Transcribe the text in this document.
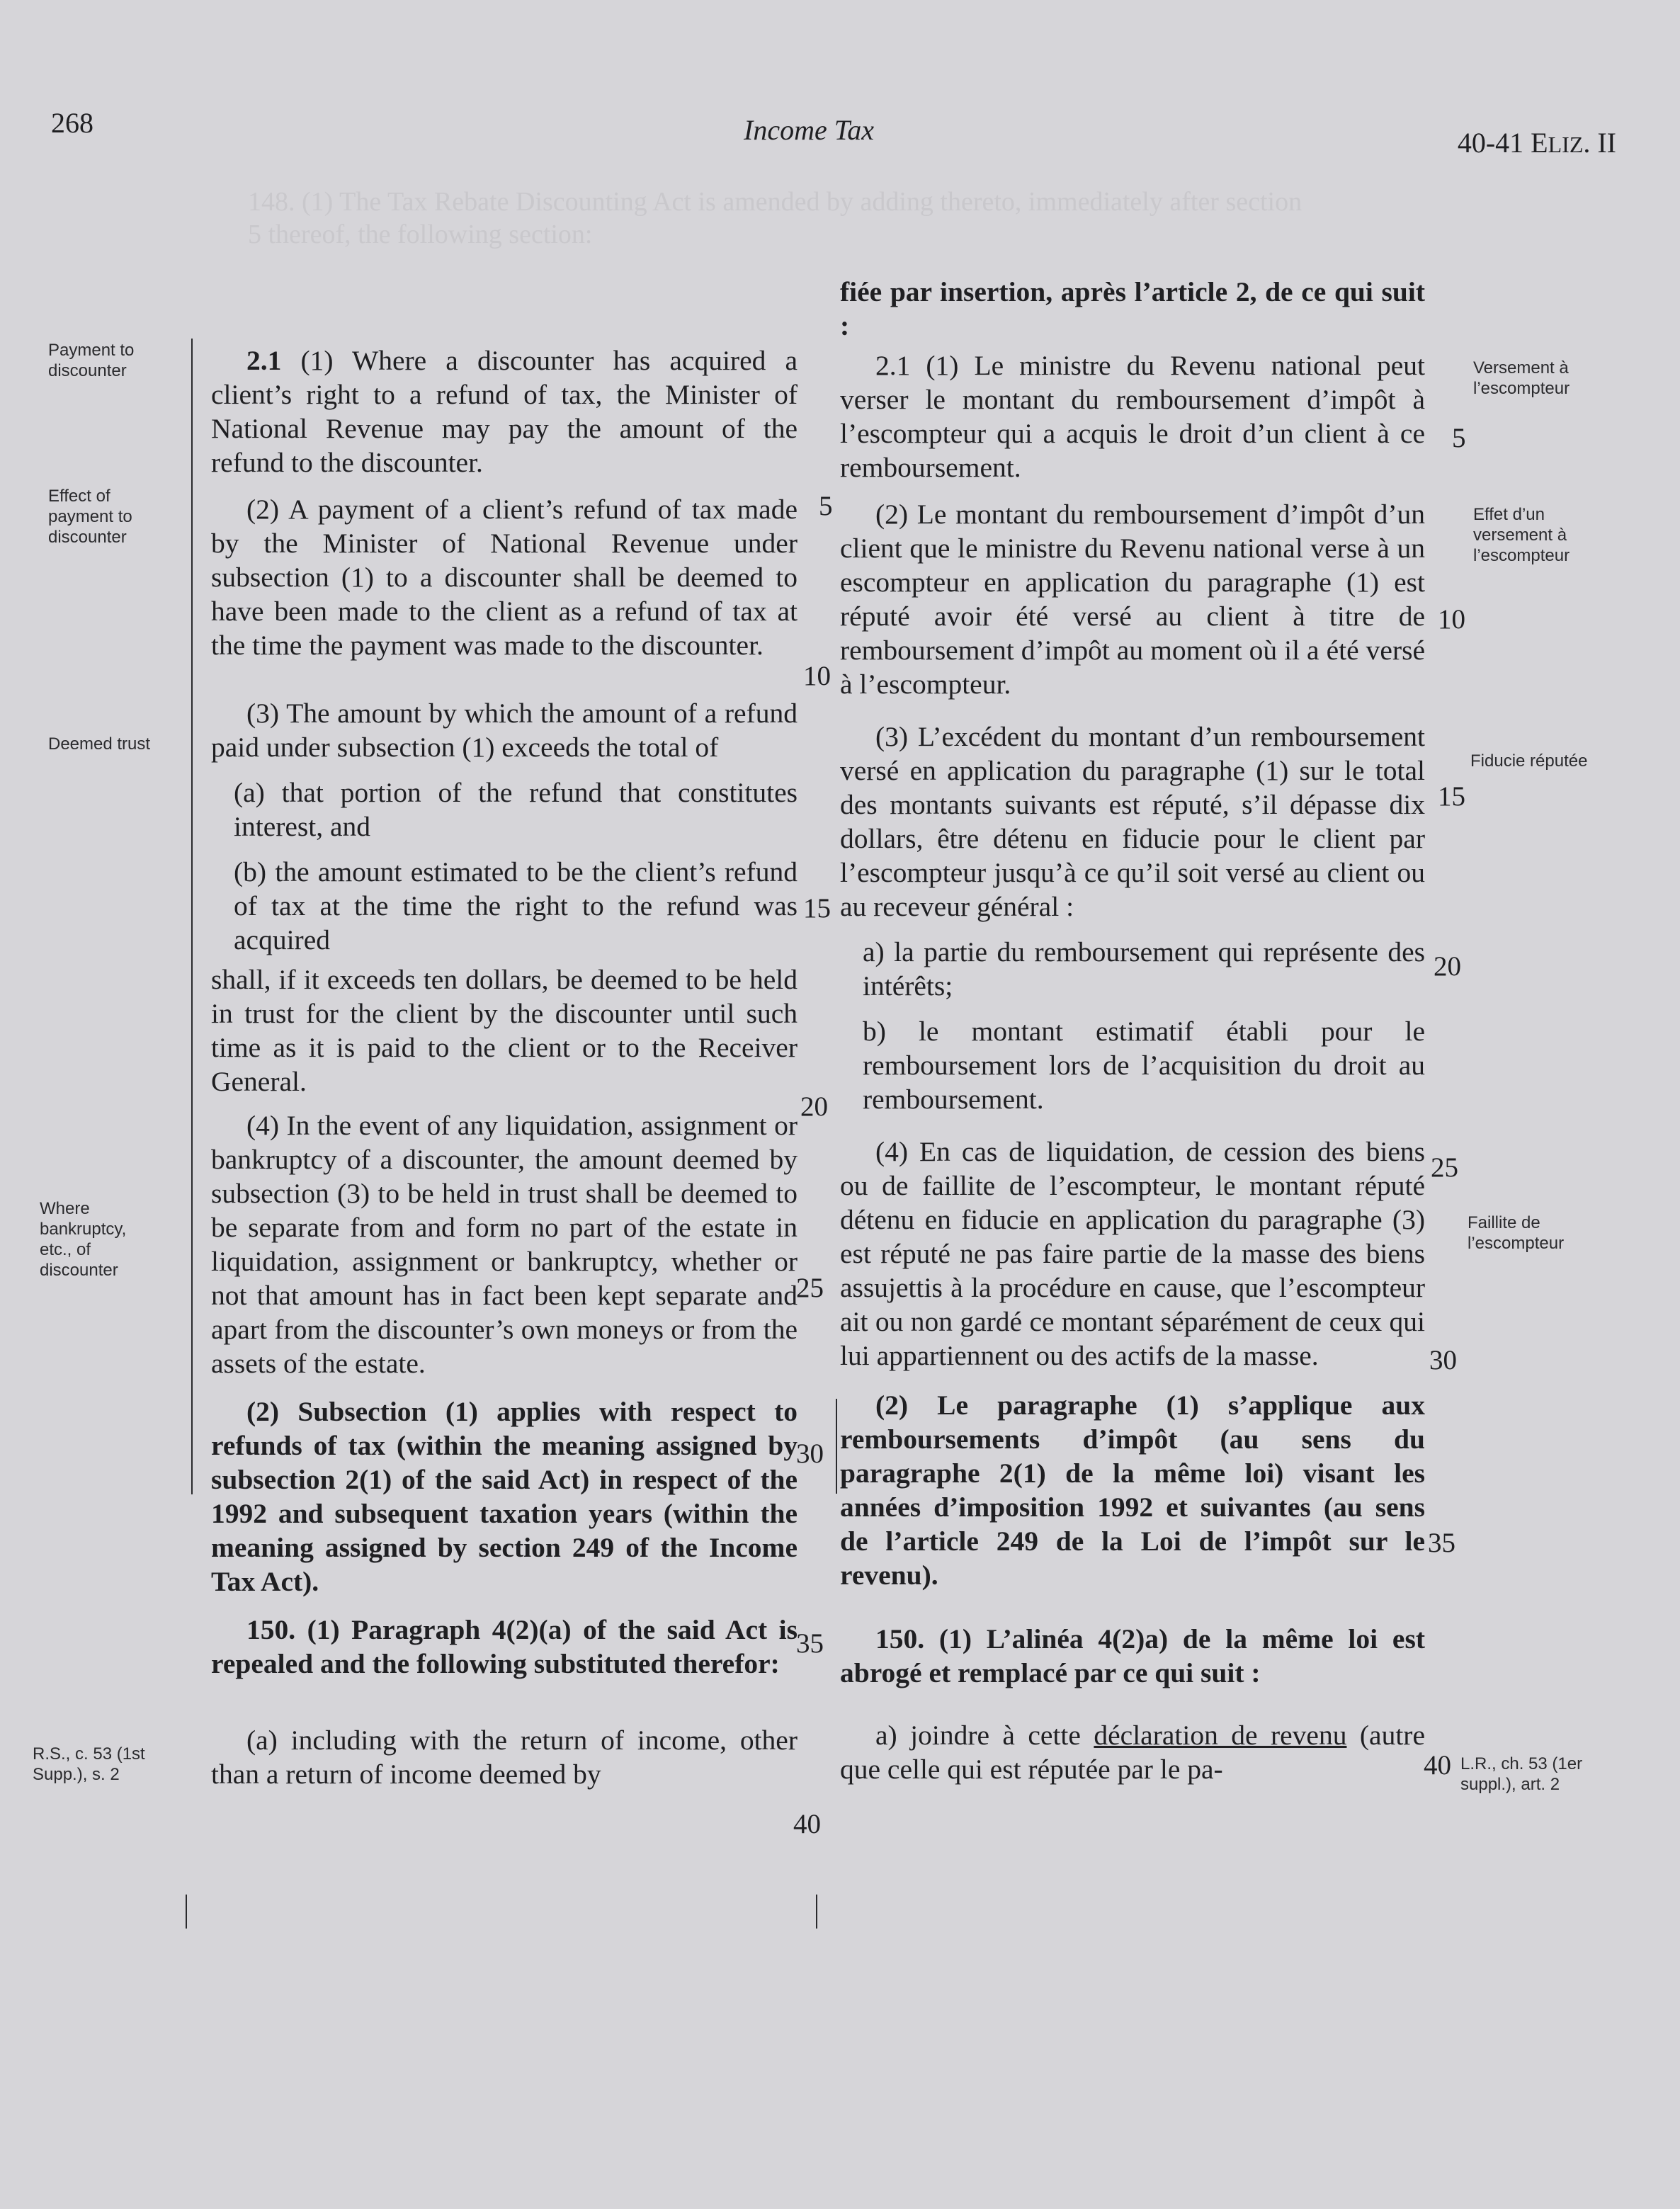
148. (1) The Tax Rebate Discounting Act is amended by adding thereto, immediately after section
5 thereof, the following section:
268	Income Tax	40-41 ELIZ. II
Payment to discounter
Effect of payment to discounter
Deemed trust
Where bankruptcy, etc., of discounter
R.S., c. 53 (1st Supp.), s. 2
Versement à l’escompteur
Effet d’un versement à l’escompteur
Fiducie réputée
Faillite de l’escompteur
L.R., ch. 53 (1er suppl.), art. 2

2.1 (1) Where a discounter has acquired a client’s right to a refund of tax, the Minister of National Revenue may pay the amount of the refund to the discounter.

(2) A payment of a client’s refund of tax made by the Minister of National Revenue under subsection (1) to a discounter shall be deemed to have been made to the client as a refund of tax at the time the payment was made to the discounter.

(3) The amount by which the amount of a refund paid under subsection (1) exceeds the total of

(a) that portion of the refund that constitutes interest, and

(b) the amount estimated to be the client’s refund of tax at the time the right to the refund was acquired

shall, if it exceeds ten dollars, be deemed to be held in trust for the client by the discounter until such time as it is paid to the client or to the Receiver General.

(4) In the event of any liquidation, assignment or bankruptcy of a discounter, the amount deemed by subsection (3) to be held in trust shall be deemed to be separate from and form no part of the estate in liquidation, assignment or bankruptcy, whether or not that amount has in fact been kept separate and apart from the discounter’s own moneys or from the assets of the estate.

(2) Subsection (1) applies with respect to refunds of tax (within the meaning assigned by subsection 2(1) of the said Act) in respect of the 1992 and subsequent taxation years (within the meaning assigned by section 249 of the Income Tax Act).

150. (1) Paragraph 4(2)(a) of the said Act is repealed and the following substituted therefor:

(a) including with the return of income, other than a return of income deemed by

fiée par insertion, après l’article 2, de ce qui suit :

2.1 (1) Le ministre du Revenu national peut verser le montant du remboursement d’impôt à l’escompteur qui a acquis le droit d’un client à ce remboursement.

(2) Le montant du remboursement d’impôt d’un client que le ministre du Revenu national verse à un escompteur en application du paragraphe (1) est réputé avoir été versé au client à titre de remboursement d’impôt au moment où il a été versé à l’escompteur.

(3) L’excédent du montant d’un remboursement versé en application du paragraphe (1) sur le total des montants suivants est réputé, s’il dépasse dix dollars, être détenu en fiducie pour le client par l’escompteur jusqu’à ce qu’il soit versé au client ou au receveur général :

a) la partie du remboursement qui représente des intérêts;

b) le montant estimatif établi pour le remboursement lors de l’acquisition du droit au remboursement.

(4) En cas de liquidation, de cession des biens ou de faillite de l’escompteur, le montant réputé détenu en fiducie en application du paragraphe (3) est réputé ne pas faire partie de la masse des biens assujettis à la procédure en cause, que l’escompteur ait ou non gardé ce montant séparément de ceux qui lui appartiennent ou des actifs de la masse.

(2) Le paragraphe (1) s’applique aux remboursements d’impôt (au sens du paragraphe 2(1) de la même loi) visant les années d’imposition 1992 et suivantes (au sens de l’article 249 de la Loi de l’impôt sur le revenu).

150. (1) L’alinéa 4(2)a) de la même loi est abrogé et remplacé par ce qui suit :

a) joindre à cette déclaration de revenu (autre que celle qui est réputée par le pa-

5
10
15
20
25
30
35
40
5
10
15
20
25
30
35
40
